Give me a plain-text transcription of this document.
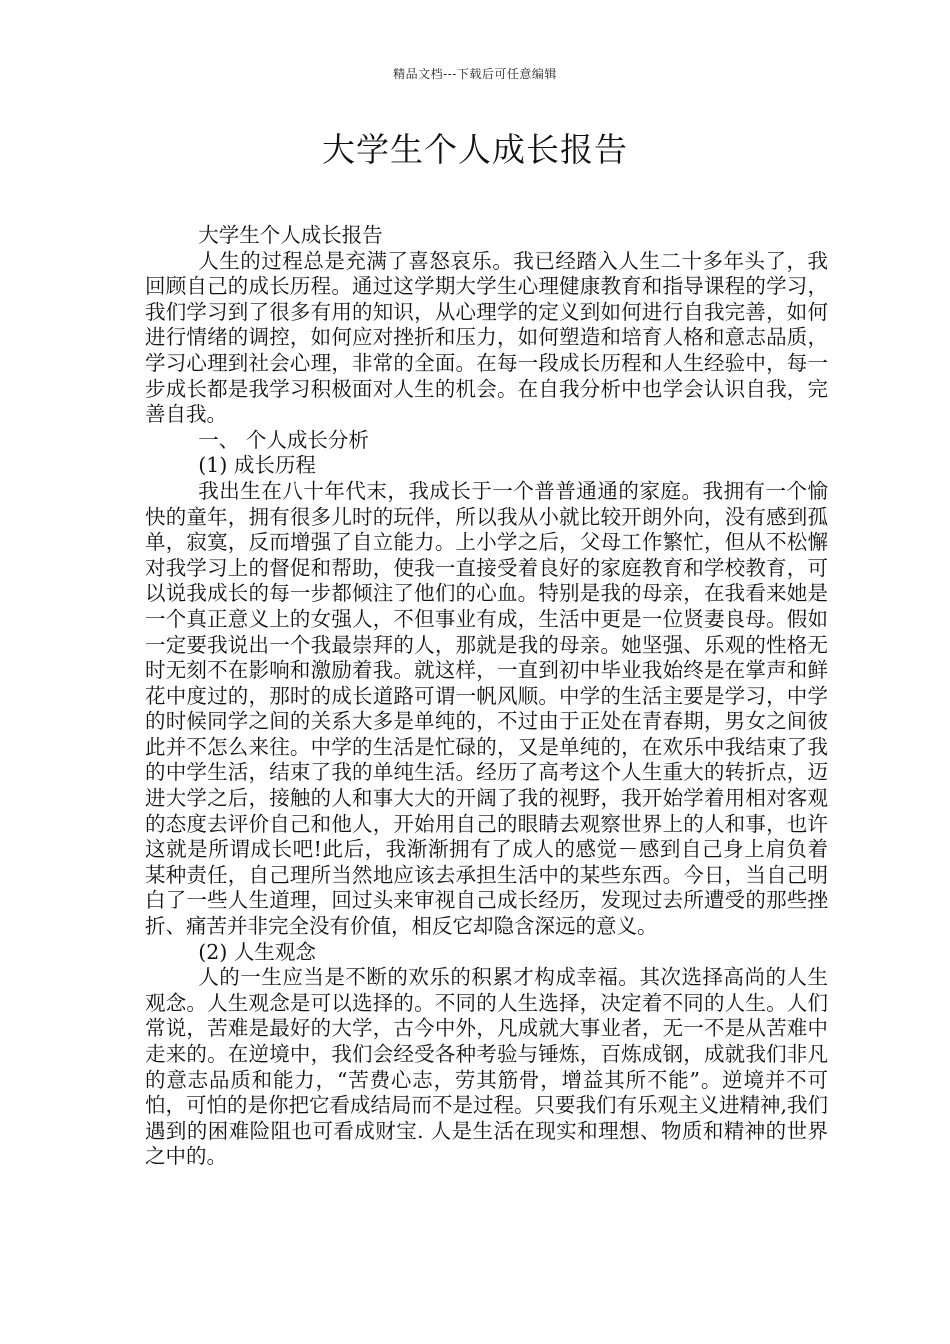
精品文档---下载后可任意编辑
大学生个人成长报告

大学生个人成长报告

人生的过程总是充满了喜怒哀乐。我已经踏入人生二十多年头了，我回顾自己的成长历程。通过这学期大学生心理健康教育和指导课程的学习，我们学习到了很多有用的知识，从心理学的定义到如何进行自我完善，如何进行情绪的调控，如何应对挫折和压力，如何塑造和培育人格和意志品质，学习心理到社会心理，非常的全面。在每一段成长历程和人生经验中，每一步成长都是我学习积极面对人生的机会。在自我分析中也学会认识自我，完善自我。

一、 个人成长分析

(1) 成长历程

我出生在八十年代末，我成长于一个普普通通的家庭。我拥有一个愉快的童年，拥有很多儿时的玩伴，所以我从小就比较开朗外向，没有感到孤单，寂寞，反而增强了自立能力。上小学之后，父母工作繁忙，但从不松懈对我学习上的督促和帮助，使我一直接受着良好的家庭教育和学校教育，可以说我成长的每一步都倾注了他们的心血。特别是我的母亲，在我看来她是一个真正意义上的女强人，不但事业有成，生活中更是一位贤妻良母。假如一定要我说出一个我最崇拜的人，那就是我的母亲。她坚强、乐观的性格无时无刻不在影响和激励着我。就这样，一直到初中毕业我始终是在掌声和鲜花中度过的，那时的成长道路可谓一帆风顺。中学的生活主要是学习，中学的时候同学之间的关系大多是单纯的，不过由于正处在青春期，男女之间彼此并不怎么来往。中学的生活是忙碌的，又是单纯的，在欢乐中我结束了我的中学生活，结束了我的单纯生活。经历了高考这个人生重大的转折点，迈进大学之后，接触的人和事大大的开阔了我的视野，我开始学着用相对客观的态度去评价自己和他人，开始用自己的眼睛去观察世界上的人和事，也许这就是所谓成长吧!此后，我渐渐拥有了成人的感觉－感到自己身上肩负着某种责任，自己理所当然地应该去承担生活中的某些东西。今日，当自己明白了一些人生道理，回过头来审视自己成长经历，发现过去所遭受的那些挫折、痛苦并非完全没有价值，相反它却隐含深远的意义。

(2) 人生观念

人的一生应当是不断的欢乐的积累才构成幸福。其次选择高尚的人生观念。人生观念是可以选择的。不同的人生选择，决定着不同的人生。人们常说，苦难是最好的大学，古今中外，凡成就大事业者，无一不是从苦难中走来的。在逆境中，我们会经受各种考验与锤炼，百炼成钢，成就我们非凡的意志品质和能力，“苦费心志，劳其筋骨，增益其所不能”。逆境并不可怕，可怕的是你把它看成结局而不是过程。只要我们有乐观主义进精神,我们遇到的困难险阻也可看成财宝. 人是生活在现实和理想、物质和精神的世界之中的。
